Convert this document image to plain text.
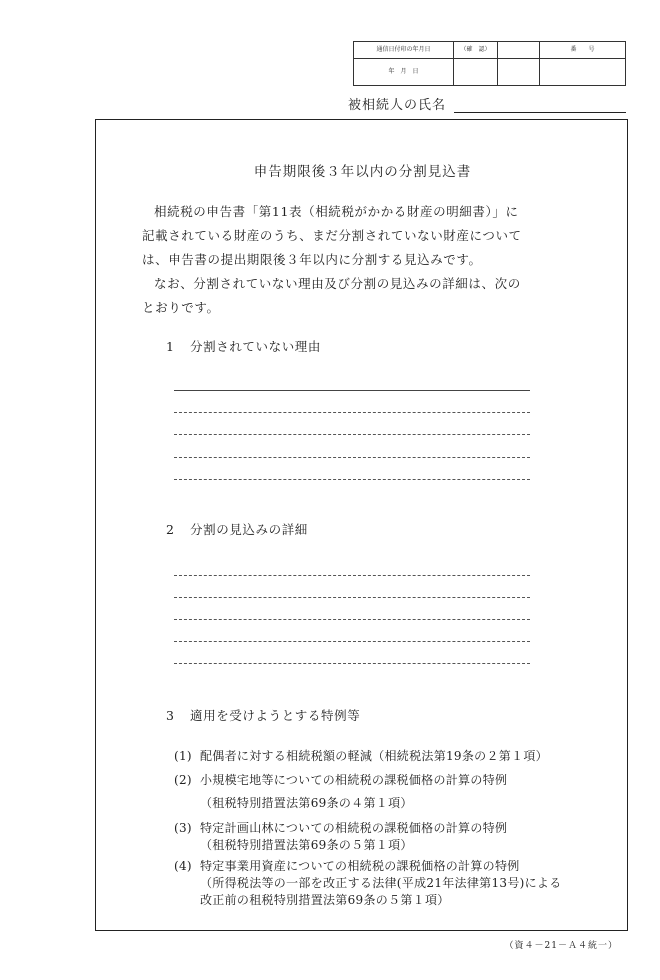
通信日付印の年月日	（確　認）		番　　号
年　月　日			
被相続人の氏名
申告期限後３年以内の分割見込書
相続税の申告書「第11表（相続税がかかる財産の明細書）」に
記載されている財産のうち、まだ分割されていない財産について
は、申告書の提出期限後３年以内に分割する見込みです。
なお、分割されていない理由及び分割の見込みの詳細は、次の
とおりです。
1 分割されていない理由
2 分割の見込みの詳細
3 適用を受けようとする特例等
(1) 配偶者に対する相続税額の軽減（相続税法第19条の２第１項）
(2) 小規模宅地等についての相続税の課税価格の計算の特例
（租税特別措置法第69条の４第１項）
(3) 特定計画山林についての相続税の課税価格の計算の特例
（租税特別措置法第69条の５第１項）
(4) 特定事業用資産についての相続税の課税価格の計算の特例
（所得税法等の一部を改正する法律(平成21年法律第13号)による
改正前の租税特別措置法第69条の５第１項）
（資４－21－Ａ４統一）
